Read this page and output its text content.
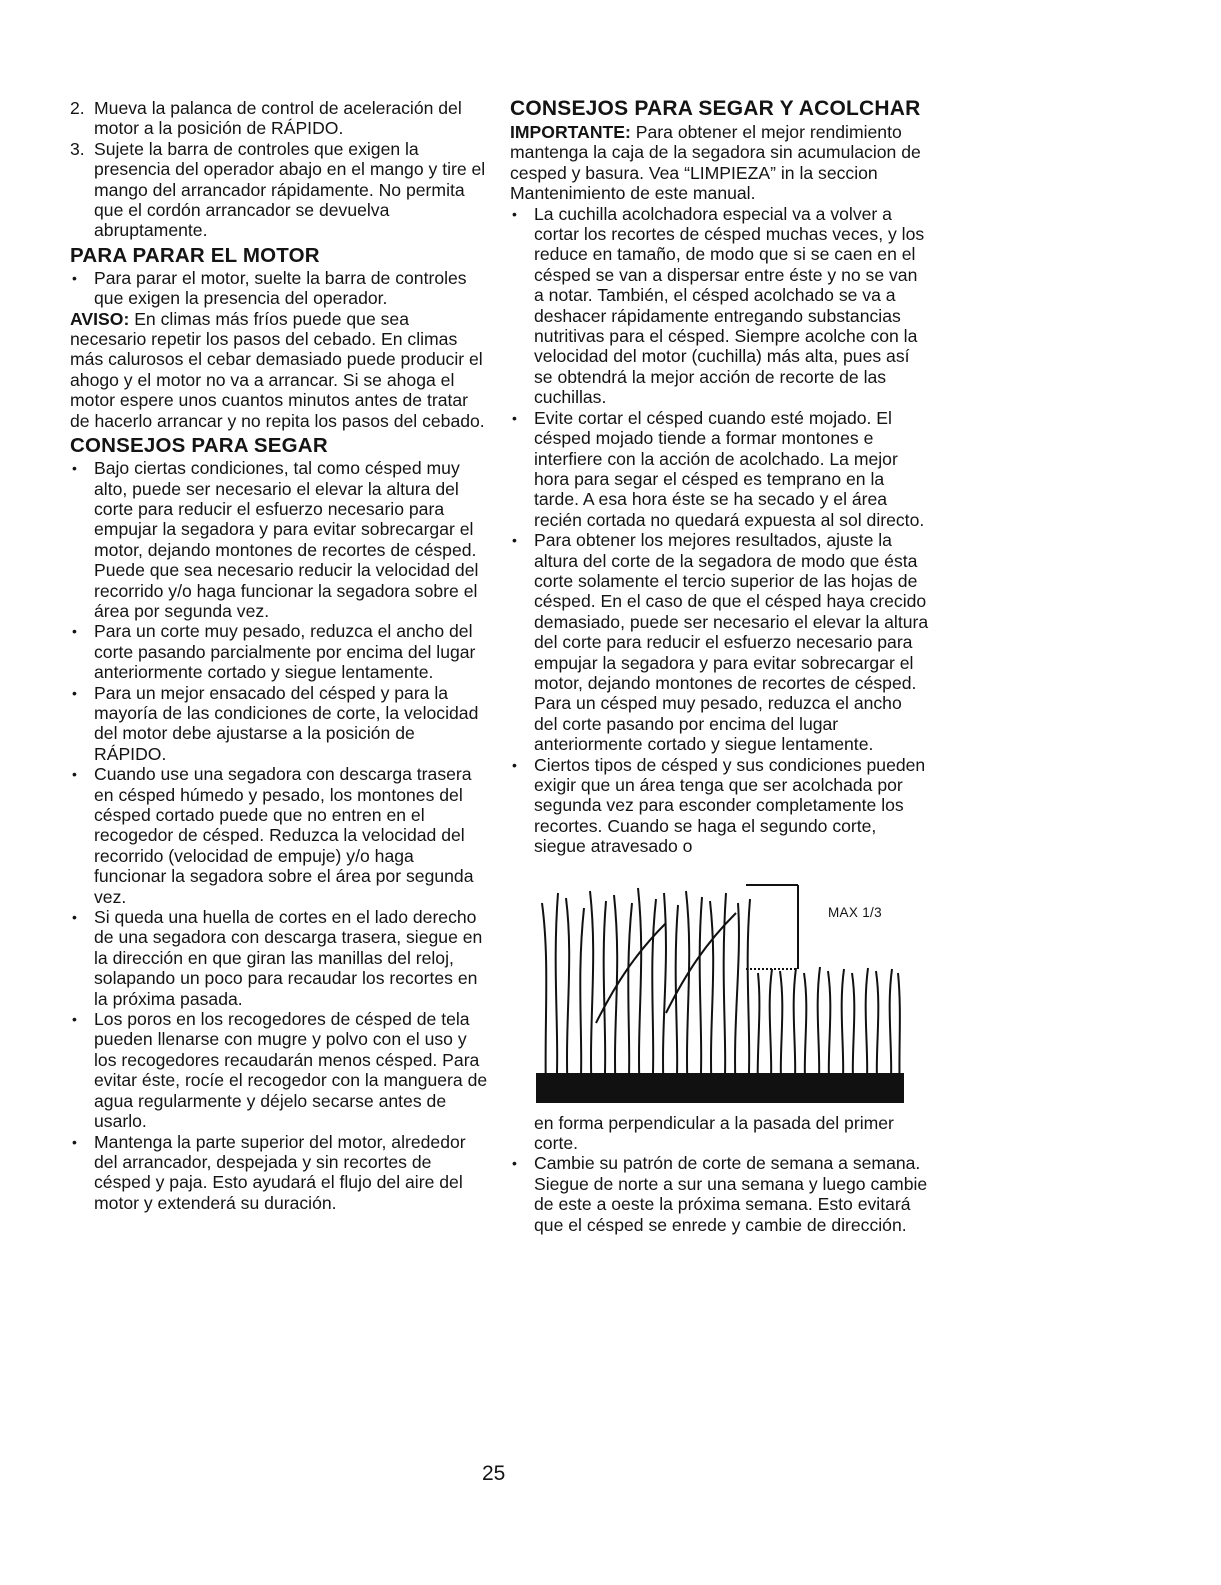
2. Mueva la palanca de control de aceleración del motor a la posición de RÁPIDO.
3. Sujete la barra de controles que exigen la presencia del operador abajo en el mango y tire el mango del arrancador rápidamente. No permita que el cordón arrancador se devuelva abruptamente.
PARA PARAR EL MOTOR
• Para parar el motor, suelte la barra de controles que exigen la presencia del operador.

AVISO: En climas más fríos puede que sea necesario repetir los pasos del cebado. En climas más calurosos el cebar demasiado puede producir el ahogo y el motor no va a arrancar. Si se ahoga el motor espere unos cuantos minutos antes de tratar de hacerlo arrancar y no repita los pasos del cebado.

CONSEJOS PARA SEGAR
• Bajo ciertas condiciones, tal como césped muy alto, puede ser necesario el elevar la altura del corte para reducir el esfuerzo necesario para empujar la segadora y para evitar sobrecargar el motor, dejando montones de recortes de césped. Puede que sea necesario reducir la velocidad del recorrido y/o haga funcionar la segadora sobre el área por segunda vez.
• Para un corte muy pesado, reduzca el ancho del corte pasando parcialmente por encima del lugar anteriormente cortado y siegue lentamente.
• Para un mejor ensacado del césped y para la mayoría de las condiciones de corte, la velocidad del motor debe ajustarse a la posición de RÁPIDO.
• Cuando use una segadora con descarga trasera en césped húmedo y pesado, los montones del césped cortado puede que no entren en el recogedor de césped. Reduzca la velocidad del recorrido (velocidad de empuje) y/o haga funcionar la segadora sobre el área por segunda vez.
• Si queda una huella de cortes en el lado derecho de una segadora con descarga trasera, siegue en la dirección en que giran las manillas del reloj, solapando un poco para recaudar los recortes en la próxima pasada.
• Los poros en los recogedores de césped de tela pueden llenarse con mugre y polvo con el uso y los recogedores recaudarán menos césped. Para evitar éste, rocíe el recogedor con la manguera de agua regularmente y déjelo secarse antes de usarlo.
• Mantenga la parte superior del motor, alrededor del arrancador, despejada y sin recortes de césped y paja. Esto ayudará el flujo del aire del motor y extenderá su duración.
CONSEJOS PARA SEGAR Y ACOLCHAR

IMPORTANTE: Para obtener el mejor rendimiento mantenga la caja de la segadora sin acumulacion de cesped y basura. Vea “LIMPIEZA” in la seccion Mantenimiento de este manual.

• La cuchilla acolchadora especial va a volver a cortar los recortes de césped muchas veces, y los reduce en tamaño, de modo que si se caen en el césped se van a dispersar entre éste y no se van a notar. También, el césped acolchado se va a deshacer rápidamente entregando substancias nutritivas para el césped. Siempre acolche con la velocidad del motor (cuchilla) más alta, pues así se obtendrá la mejor acción de recorte de las cuchillas.
• Evite cortar el césped cuando esté mojado. El césped mojado tiende a formar montones e interfiere con la acción de acolchado. La mejor hora para segar el césped es temprano en la tarde. A esa hora éste se ha secado y el área recién cortada no quedará expuesta al sol directo.
• Para obtener los mejores resultados, ajuste la altura del corte de la segadora de modo que ésta corte solamente el tercio superior de las hojas de césped. En el caso de que el césped haya crecido demasiado, puede ser necesario el elevar la altura del corte para reducir el esfuerzo necesario para empujar la segadora y para evitar sobrecargar el motor, dejando montones de recortes de césped. Para un césped muy pesado, reduzca el ancho del corte pasando por encima del lugar anteriormente cortado y siegue lentamente.
• Ciertos tipos de césped y sus condiciones pueden exigir que un área tenga que ser acolchada por segunda vez para esconder completamente los recortes. Cuando se haga el segundo corte, siegue atravesado o
MAX 1/3

en forma perpendicular a la pasada del primer corte.

• Cambie su patrón de corte de semana a semana. Siegue de norte a sur una semana y luego cambie de este a oeste la próxima semana. Esto evitará que el césped se enrede y cambie de dirección.
25
